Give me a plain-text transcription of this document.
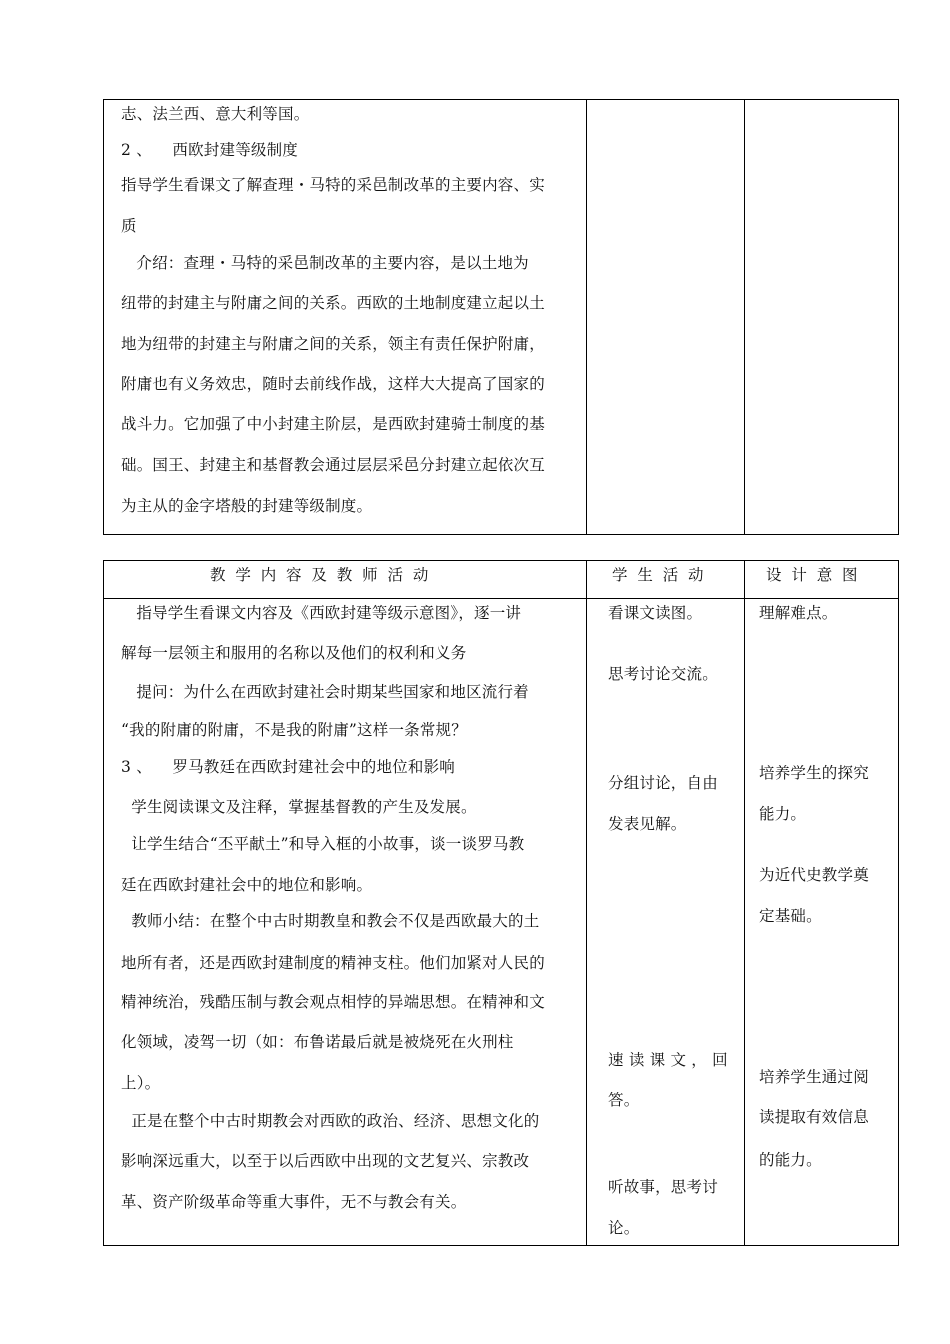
志、法兰西、意大利等国。
2 、    西欧封建等级制度
指导学生看课文了解查理・马特的采邑制改革的主要内容、实
质
介绍：查理・马特的采邑制改革的主要内容，是以土地为
纽带的封建主与附庸之间的关系。西欧的土地制度建立起以土
地为纽带的封建主与附庸之间的关系，领主有责任保护附庸，
附庸也有义务效忠，随时去前线作战，这样大大提高了国家的
战斗力。它加强了中小封建主阶层，是西欧封建骑士制度的基
础。国王、封建主和基督教会通过层层采邑分封建立起依次互
为主从的金字塔般的封建等级制度。
教  学  内  容  及  教  师  活  动	学  生  活  动	设  计  意  图
指导学生看课文内容及《西欧封建等级示意图》，逐一讲
解每一层领主和服用的名称以及他们的权利和义务
提问：为什么在西欧封建社会时期某些国家和地区流行着
“我的附庸的附庸，不是我的附庸”这样一条常规？
3 、    罗马教廷在西欧封建社会中的地位和影响
学生阅读课文及注释，掌握基督教的产生及发展。
让学生结合“丕平献土”和导入框的小故事，谈一谈罗马教
廷在西欧封建社会中的地位和影响。
教师小结：在整个中古时期教皇和教会不仅是西欧最大的土
地所有者，还是西欧封建制度的精神支柱。他们加紧对人民的
精神统治，残酷压制与教会观点相悖的异端思想。在精神和文
化领域，凌驾一切（如：布鲁诺最后就是被烧死在火刑柱
上）。
正是在整个中古时期教会对西欧的政治、经济、思想文化的
影响深远重大，以至于以后西欧中出现的文艺复兴、宗教改
革、资产阶级革命等重大事件，无不与教会有关。
看课文读图。
思考讨论交流。
分组讨论，自由
发表见解。
速 读 课 文 ， 回
答。
听故事，思考讨
论。
理解难点。
培养学生的探究
能力。
为近代史教学奠
定基础。
培养学生通过阅
读提取有效信息
的能力。
